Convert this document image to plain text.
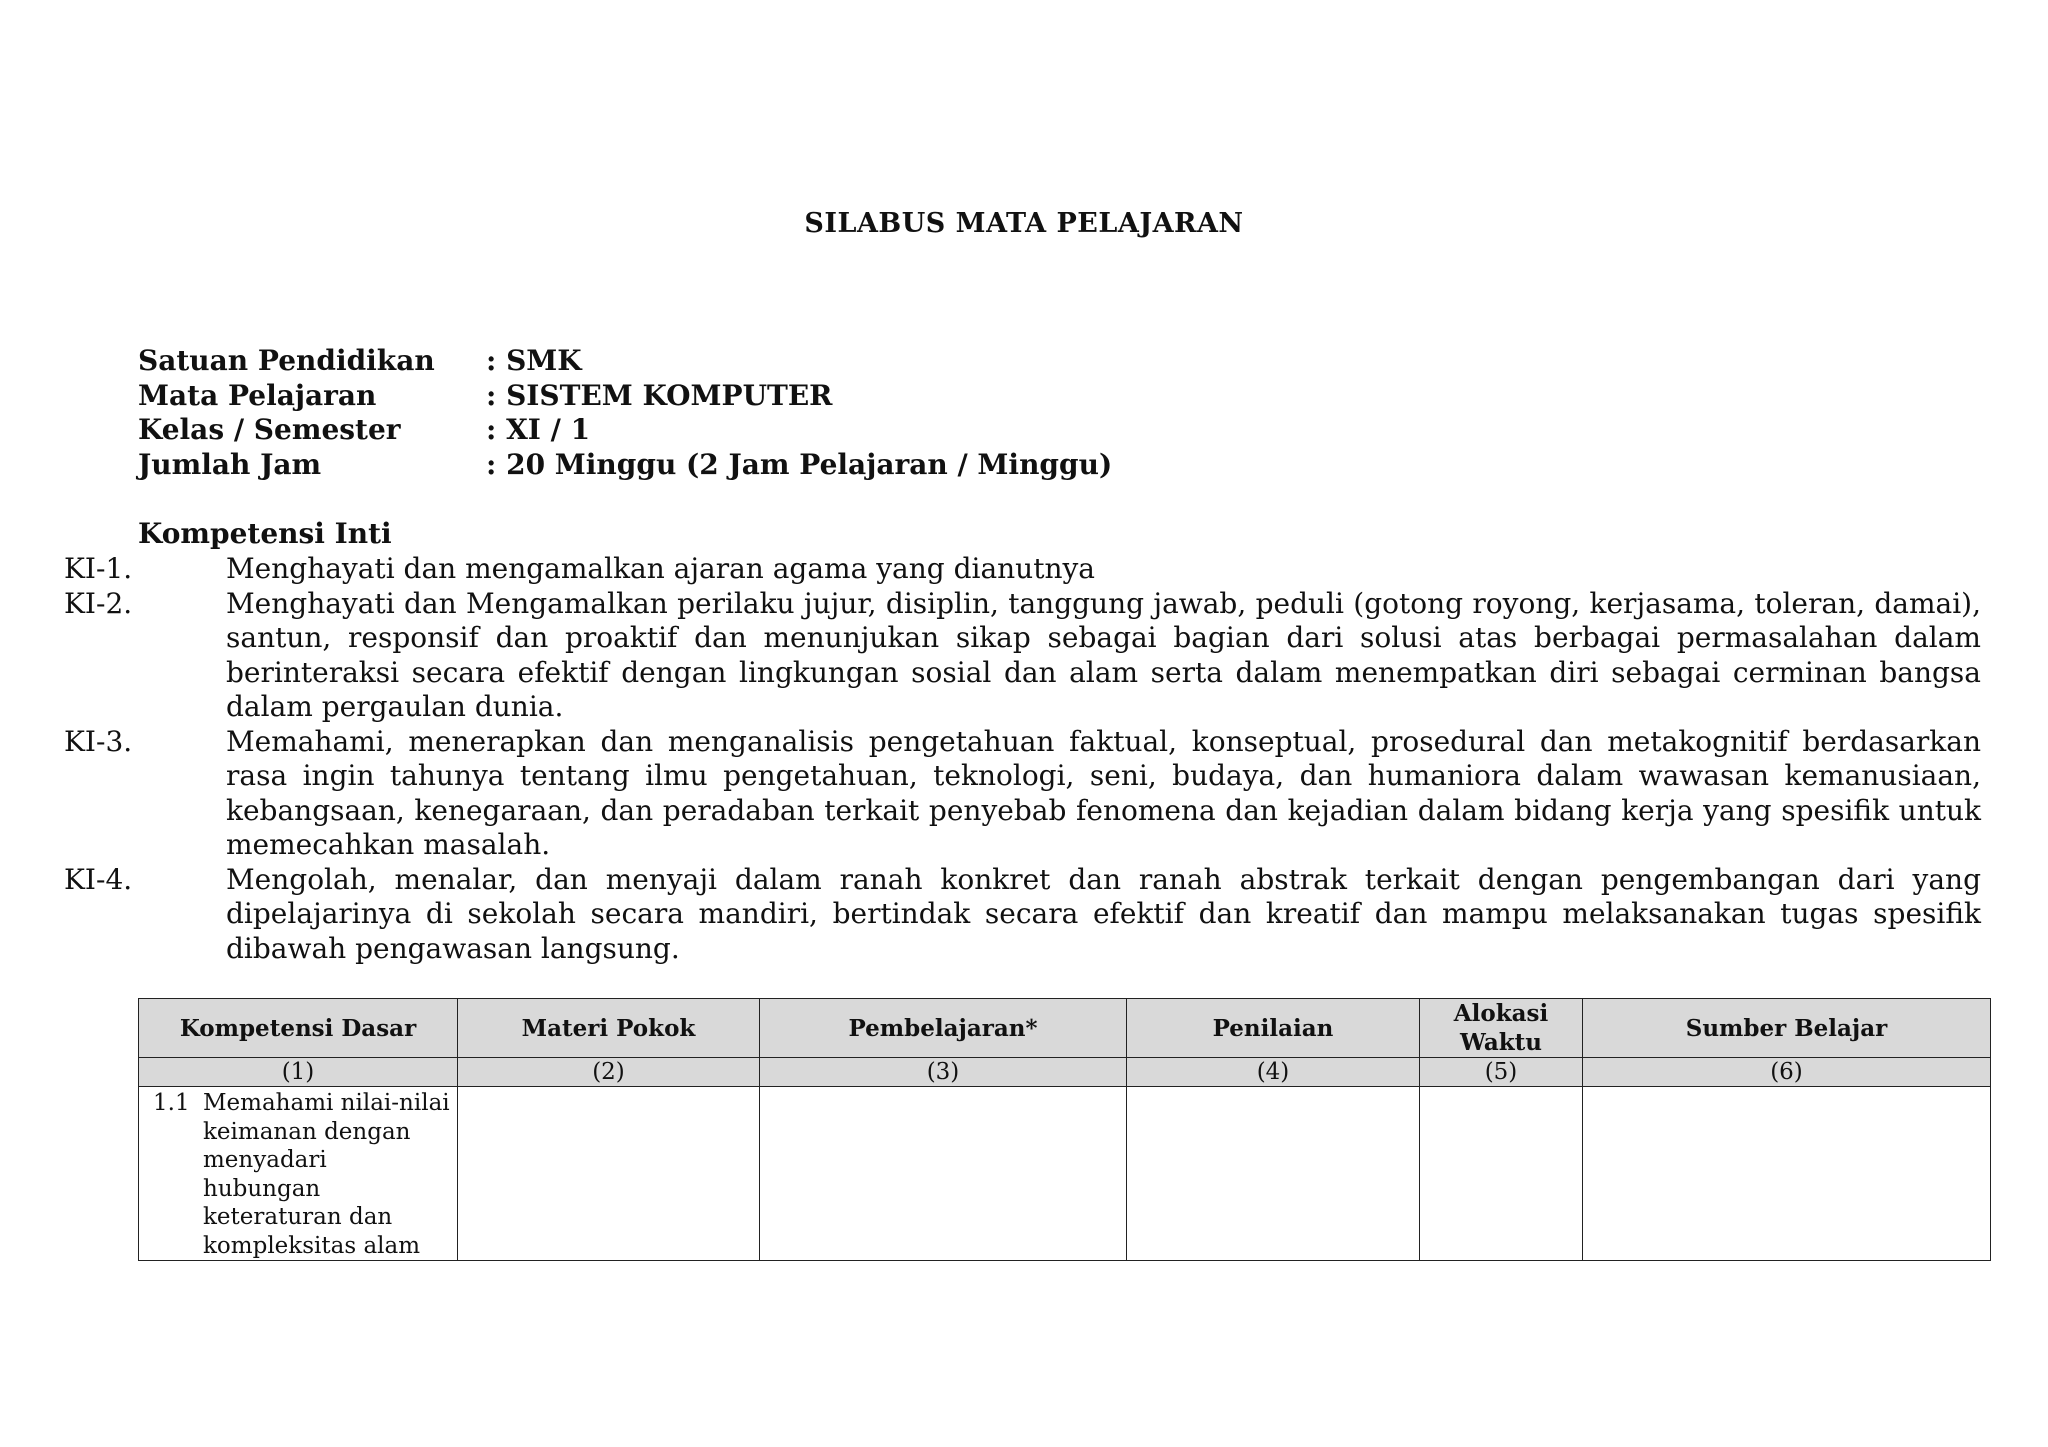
SILABUS MATA PELAJARAN
Satuan Pendidikan	: SMK
Mata Pelajaran	: SISTEM KOMPUTER
Kelas / Semester	: XI / 1
Jumlah Jam	: 20 Minggu (2 Jam Pelajaran / Minggu)
Kompetensi Inti
KI-1.	Menghayati dan mengamalkan ajaran agama yang dianutnya
KI-2.	Menghayati dan Mengamalkan perilaku jujur, disiplin, tanggung jawab, peduli (gotong royong, kerjasama, toleran, damai), santun, responsif dan proaktif dan menunjukan sikap sebagai bagian dari solusi atas berbagai permasalahan dalam berinteraksi secara efektif dengan lingkungan sosial dan alam serta dalam menempatkan diri sebagai cerminan bangsa dalam pergaulan dunia.
KI-3.	Memahami, menerapkan dan menganalisis pengetahuan faktual, konseptual, prosedural dan metakognitif berdasarkan rasa ingin tahunya tentang ilmu pengetahuan, teknologi, seni, budaya, dan humaniora dalam wawasan kemanusiaan, kebangsaan, kenegaraan, dan peradaban terkait penyebab fenomena dan kejadian dalam bidang kerja yang spesifik untuk memecahkan masalah.
KI-4.	Mengolah, menalar, dan menyaji dalam ranah konkret dan ranah abstrak terkait dengan pengembangan dari yang dipelajarinya di sekolah secara mandiri, bertindak secara efektif dan kreatif dan mampu melaksanakan tugas spesifik dibawah pengawasan langsung.
Kompetensi Dasar	Materi Pokok	Pembelajaran*	Penilaian	Alokasi Waktu	Sumber Belajar
(1)	(2)	(3)	(4)	(5)	(6)

1.1 Memahami nilai-nilai keimanan dengan menyadari hubungan keteraturan dan kompleksitas alam					
